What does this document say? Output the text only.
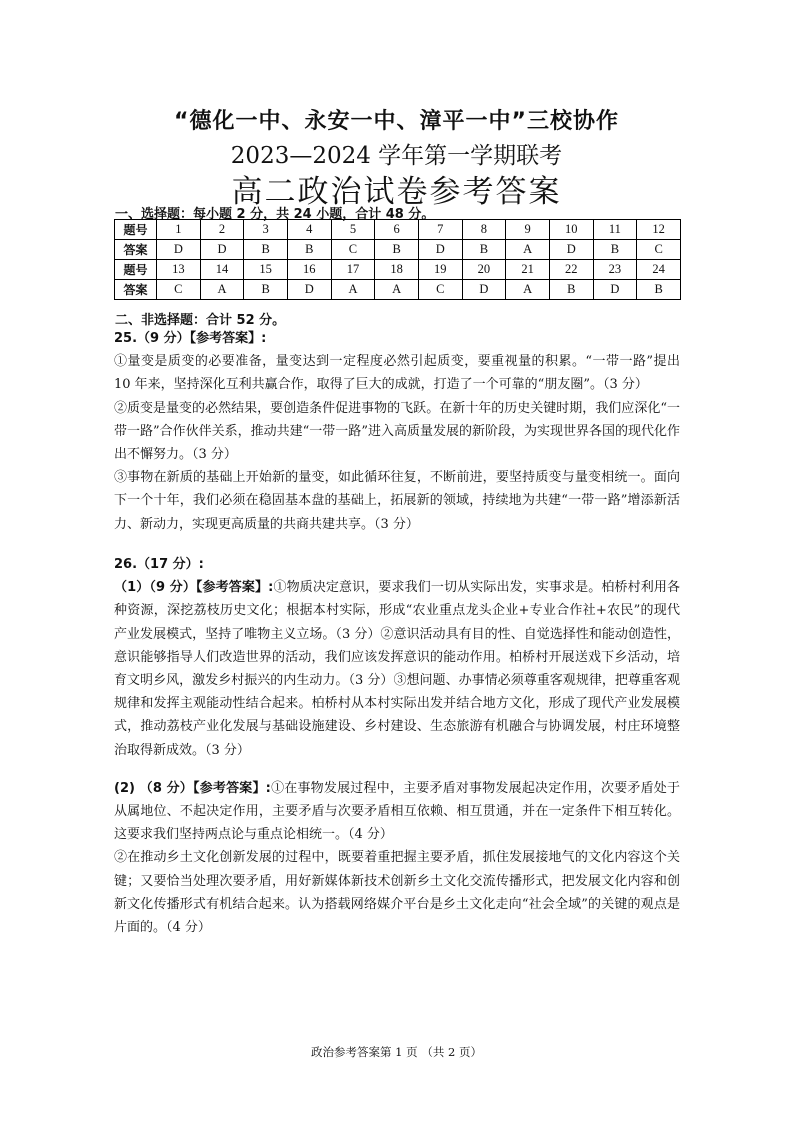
“德化一中、永安一中、漳平一中”三校协作
2023—2024 学年第一学期联考
高二政治试卷参考答案
一、选择题：每小题 2 分，共 24 小题，合计 48 分。
题号	1	2	3	4	5	6	7	8	9	10	11	12
答案	D	D	B	B	C	B	D	B	A	D	B	C
题号	13	14	15	16	17	18	19	20	21	22	23	24
答案	C	A	B	D	A	A	C	D	A	B	D	B
二、非选择题：合计 52 分。
25.（9 分）【参考答案】:
①量变是质变的必要准备，量变达到一定程度必然引起质变，要重视量的积累。“一带一路”提出 10 年来，坚持深化互利共赢合作，取得了巨大的成就，打造了一个可靠的“朋友圈”。（3 分）
②质变是量变的必然结果，要创造条件促进事物的飞跃。在新十年的历史关键时期，我们应深化“一带一路”合作伙伴关系，推动共建“一带一路”进入高质量发展的新阶段，为实现世界各国的现代化作出不懈努力。（3 分）
③事物在新质的基础上开始新的量变，如此循环往复，不断前进，要坚持质变与量变相统一。面向下一个十年，我们必须在稳固基本盘的基础上，拓展新的领域，持续地为共建“一带一路”增添新活力、新动力，实现更高质量的共商共建共享。（3 分）
26.（17 分）:
（1）（9 分）【参考答案】:①物质决定意识，要求我们一切从实际出发，实事求是。柏桥村利用各种资源，深挖荔枝历史文化；根据本村实际，形成“农业重点龙头企业+专业合作社+农民”的现代产业发展模式，坚持了唯物主义立场。（3 分）②意识活动具有目的性、自觉选择性和能动创造性，意识能够指导人们改造世界的活动，我们应该发挥意识的能动作用。柏桥村开展送戏下乡活动，培育文明乡风，激发乡村振兴的内生动力。（3 分）③想问题、办事情必须尊重客观规律，把尊重客观规律和发挥主观能动性结合起来。柏桥村从本村实际出发并结合地方文化，形成了现代产业发展模式，推动荔枝产业化发展与基础设施建设、乡村建设、生态旅游有机融合与协调发展，村庄环境整治取得新成效。（3 分）
(2) （8 分）【参考答案】:①在事物发展过程中，主要矛盾对事物发展起决定作用，次要矛盾处于从属地位、不起决定作用，主要矛盾与次要矛盾相互依赖、相互贯通，并在一定条件下相互转化。这要求我们坚持两点论与重点论相统一。（4 分）
②在推动乡土文化创新发展的过程中，既要着重把握主要矛盾，抓住发展接地气的文化内容这个关键；又要恰当处理次要矛盾，用好新媒体新技术创新乡土文化交流传播形式，把发展文化内容和创新文化传播形式有机结合起来。认为搭载网络媒介平台是乡土文化走向“社会全域”的关键的观点是片面的。（4 分）
政治参考答案第 1 页 （共 2 页）
